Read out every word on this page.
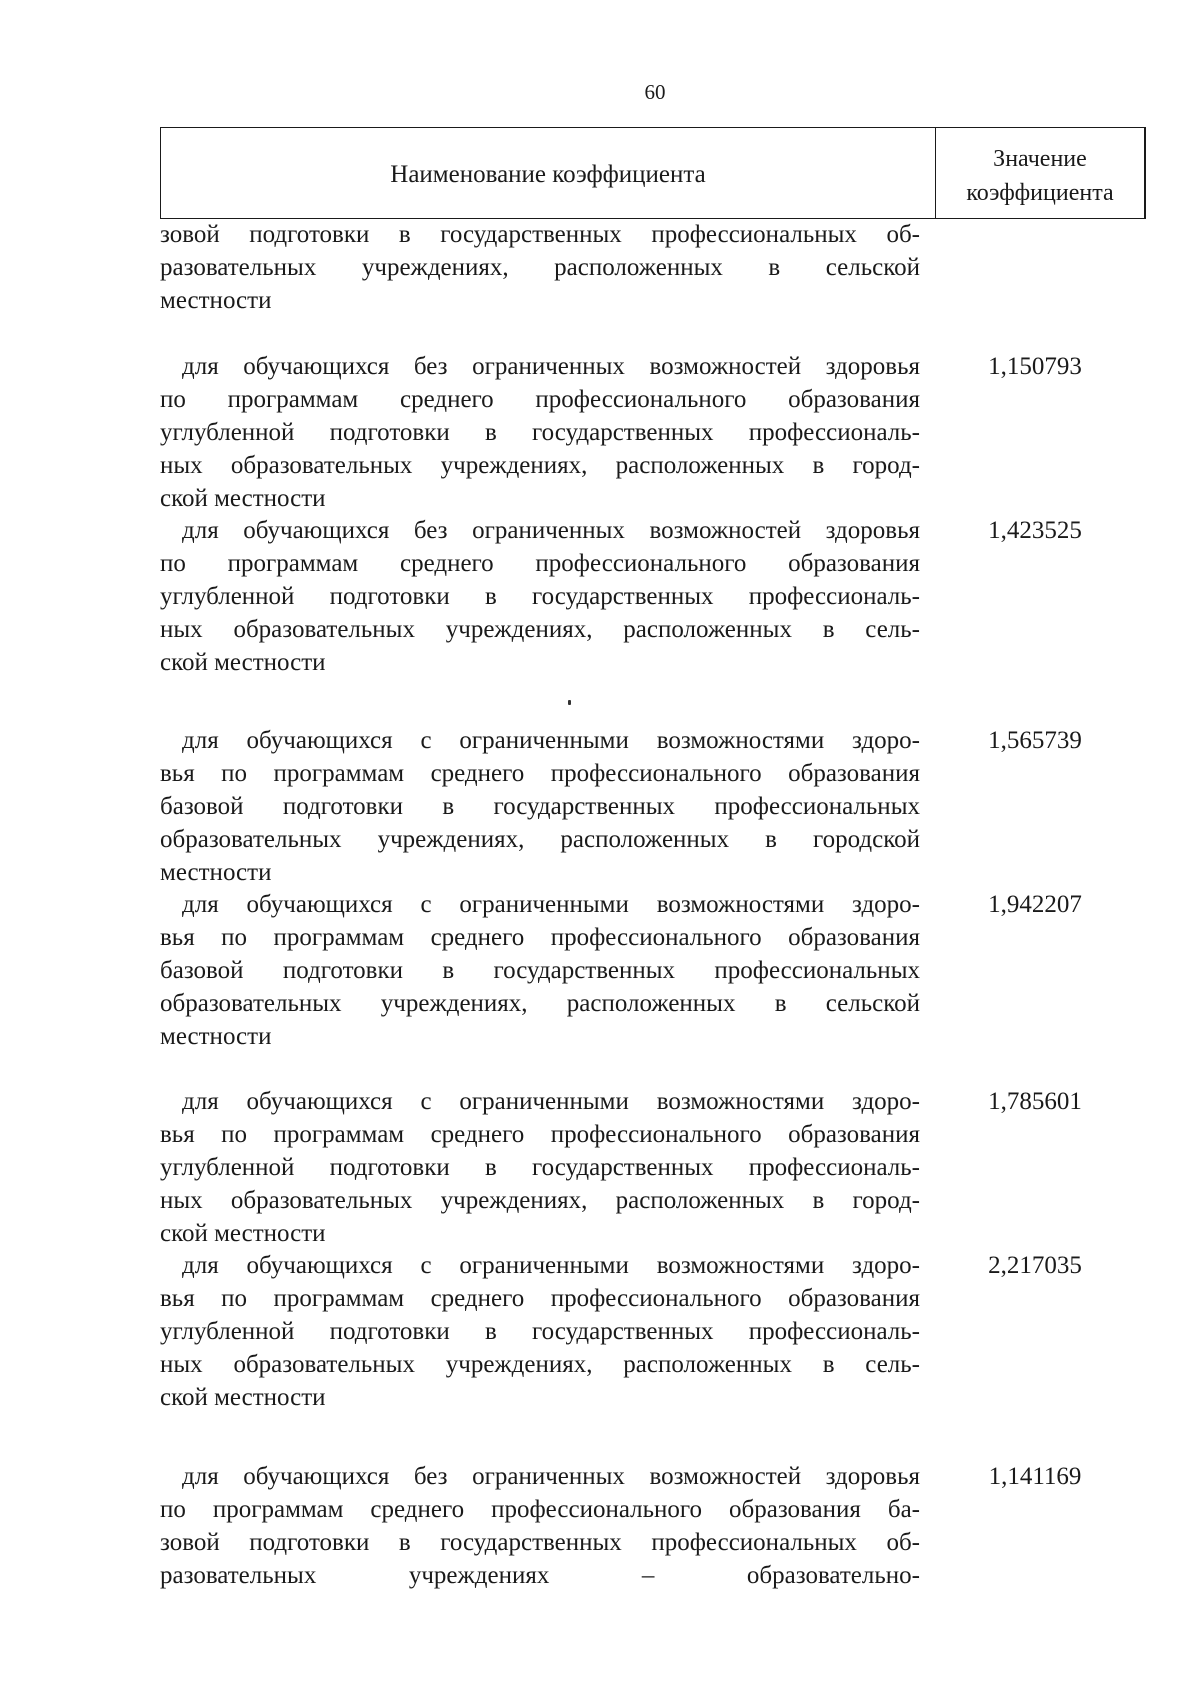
60
Наименование коэффициента
Значение
коэффициента
зовой подготовки в государственных профессиональных об-
разовательных учреждениях, расположенных в сельской
местности
для обучающихся без ограниченных возможностей здоровья
по программам среднего профессионального образования
углубленной подготовки в государственных профессиональ-
ных образовательных учреждениях, расположенных в город-
ской местности
1,150793
для обучающихся без ограниченных возможностей здоровья
по программам среднего профессионального образования
углубленной подготовки в государственных профессиональ-
ных образовательных учреждениях, расположенных в сель-
ской местности
1,423525
для обучающихся с ограниченными возможностями здоро-
вья по программам среднего профессионального образования
базовой подготовки в государственных профессиональных
образовательных учреждениях, расположенных в городской
местности
1,565739
для обучающихся с ограниченными возможностями здоро-
вья по программам среднего профессионального образования
базовой подготовки в государственных профессиональных
образовательных учреждениях, расположенных в сельской
местности
1,942207
для обучающихся с ограниченными возможностями здоро-
вья по программам среднего профессионального образования
углубленной подготовки в государственных профессиональ-
ных образовательных учреждениях, расположенных в город-
ской местности
1,785601
для обучающихся с ограниченными возможностями здоро-
вья по программам среднего профессионального образования
углубленной подготовки в государственных профессиональ-
ных образовательных учреждениях, расположенных в сель-
ской местности
2,217035
для обучающихся без ограниченных возможностей здоровья
по программам среднего профессионального образования ба-
зовой подготовки в государственных профессиональных об-
разовательных учреждениях – образовательно-
1,141169
